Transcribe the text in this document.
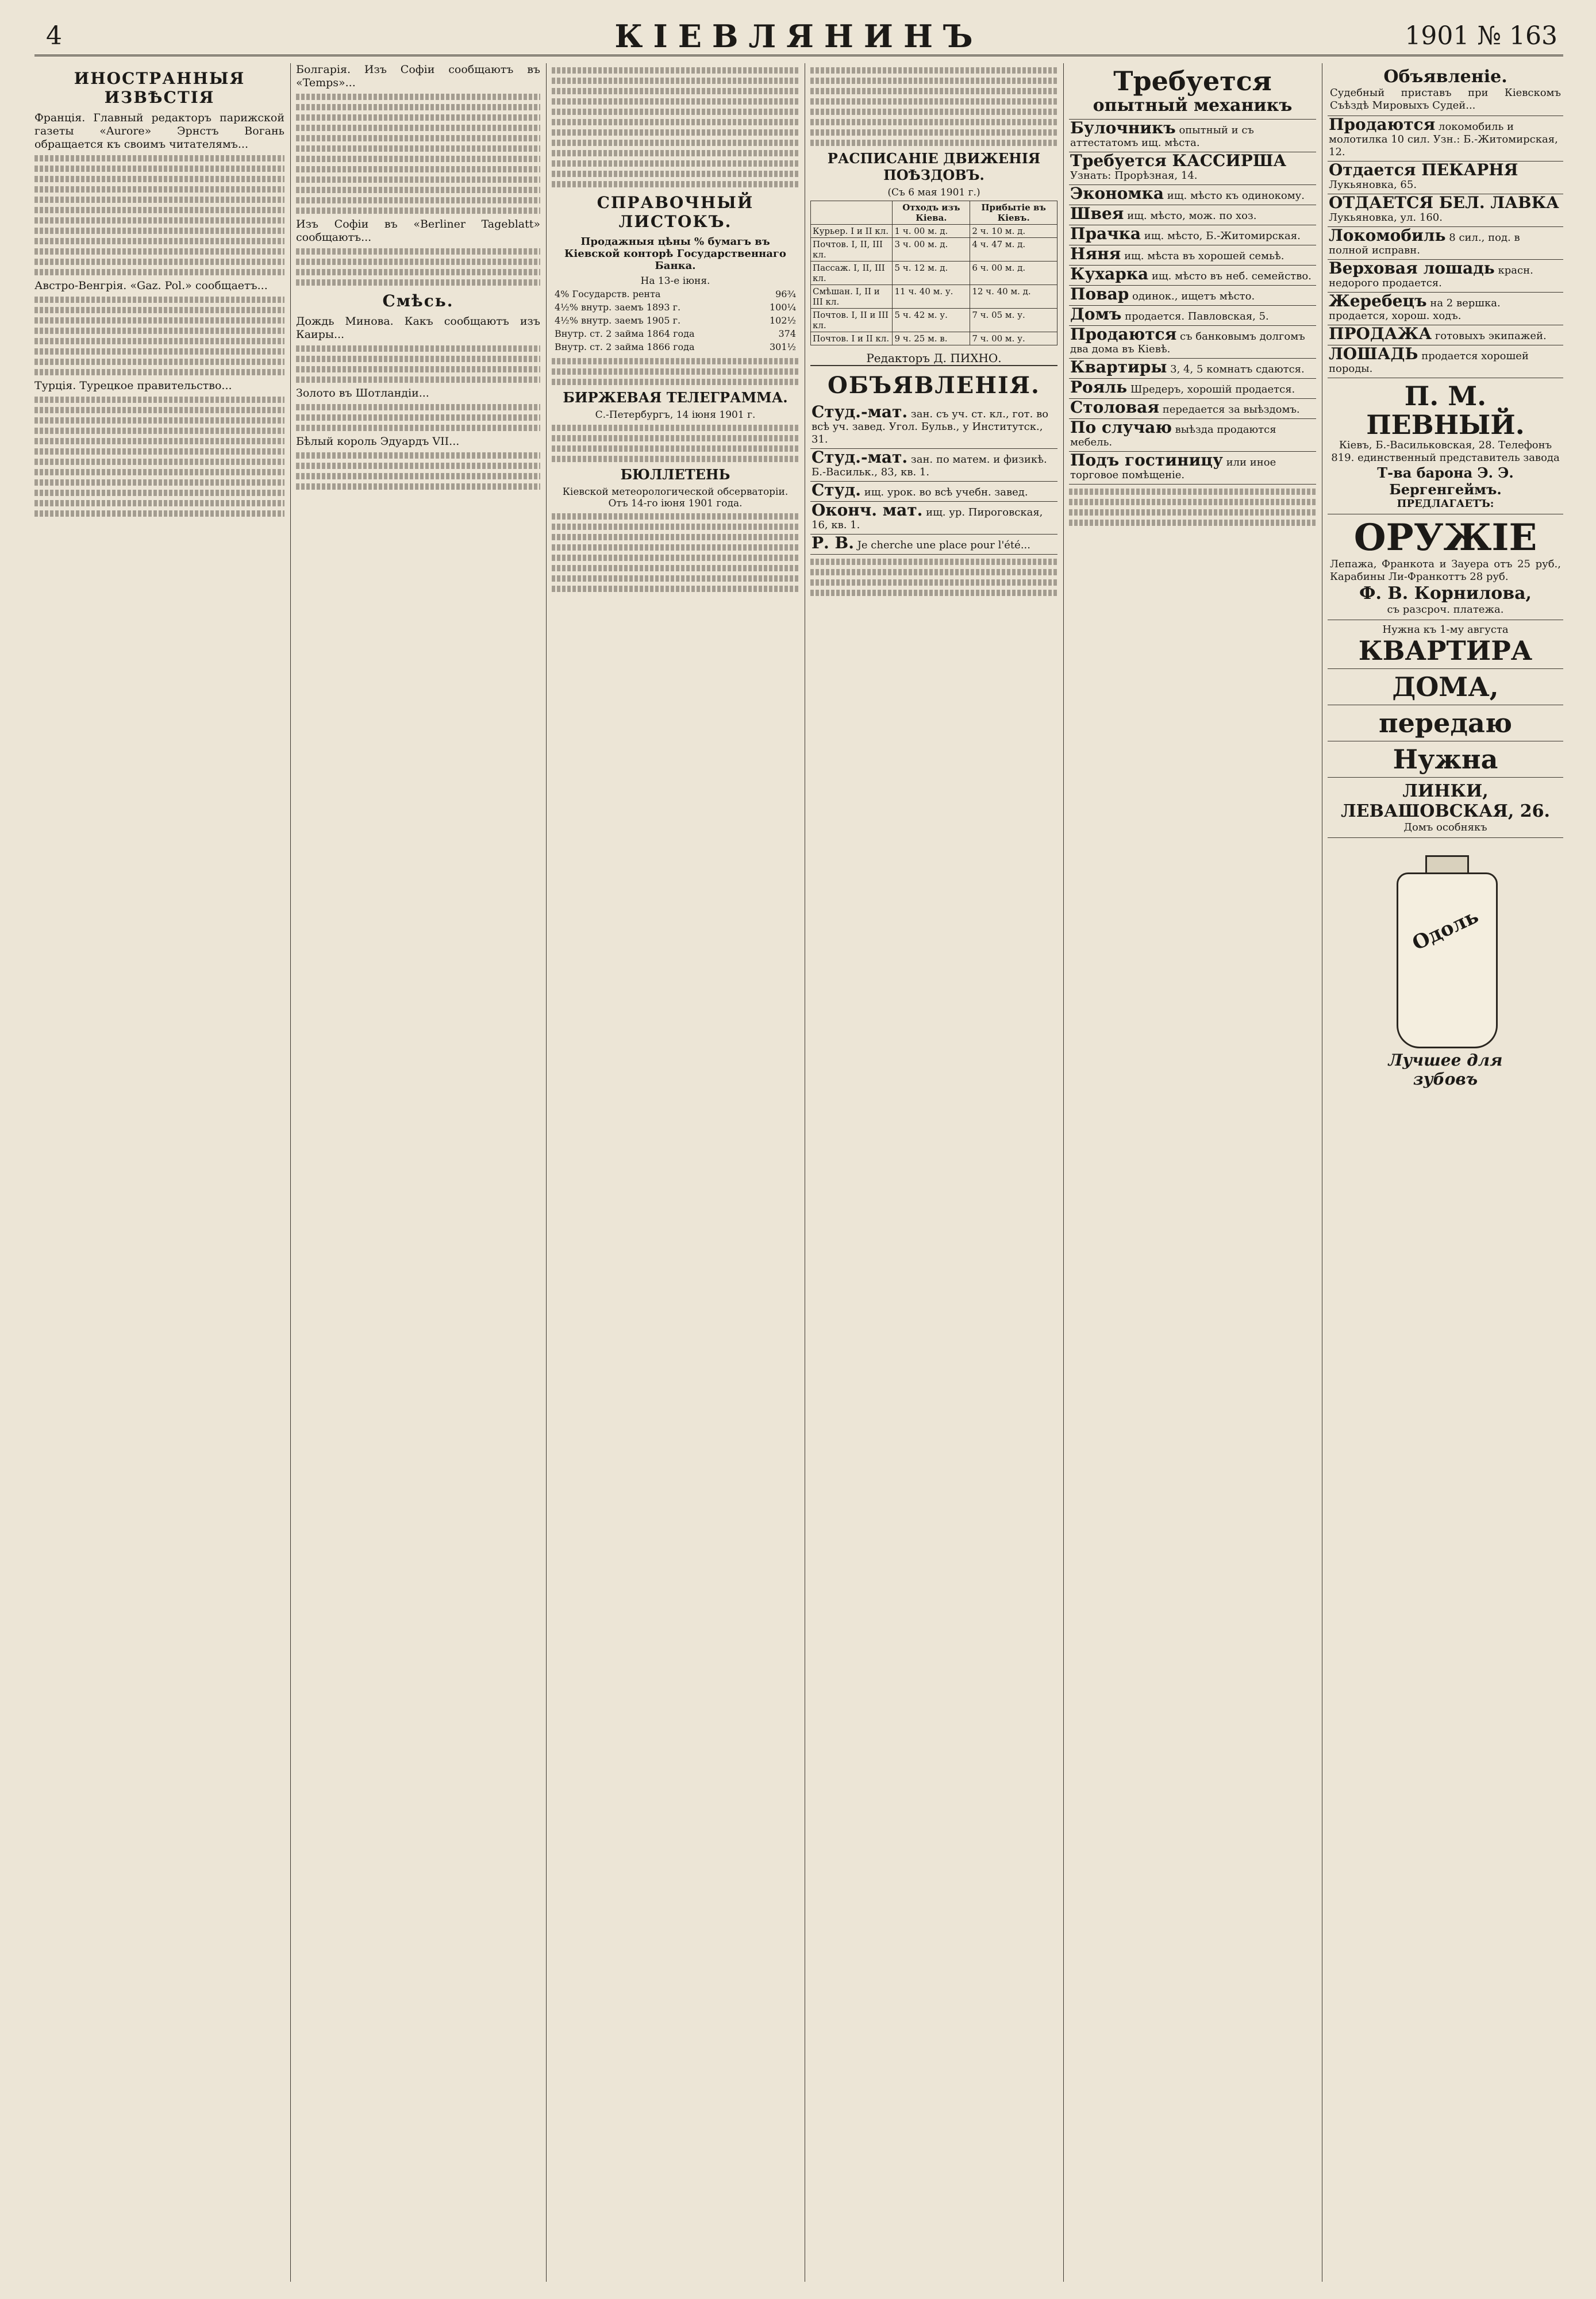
4	КІЕВЛЯНИНЪ	1901 № 163
ИНОСТРАННЫЯ ИЗВѢСТІЯ

Франція. Главный редакторъ парижской газеты «Aurore» Эрнстъ Вогань обращается къ своимъ читателямъ...

Австро-Венгрія. «Gaz. Pol.» сообщаетъ...

Турція. Турецкое правительство...

Болгарія. Изъ Софіи сообщаютъ въ «Temps»...

Изъ Софіи въ «Berliner Tageblatt» сообщаютъ...

Смѣсь.

Дождь Минова. Какъ сообщаютъ изъ Каиры...

Золото въ Шотландіи...

Бѣлый король Эдуардъ VII...

СПРАВОЧНЫЙ ЛИСТОКЪ.
Продажныя цѣны % бумагъ въ Кіевской конторѣ Государственнаго Банка.
На 13-е іюня.
4% Государств. рента	96¾
4½% внутр. заемъ 1893 г.	100¼
4½% внутр. заемъ 1905 г.	102½
Внутр. ст. 2 займа 1864 года	374
Внутр. ст. 2 займа 1866 года	301½
БИРЖЕВАЯ ТЕЛЕГРАММА.
С.-Петербургъ, 14 іюня 1901 г.
БЮЛЛЕТЕНЬ
Кіевской метеорологической обсерваторіи.
Отъ 14-го іюня 1901 года.
РАСПИСАНІЕ ДВИЖЕНІЯ ПОѢЗДОВЪ.
(Съ 6 мая 1901 г.)
	Отходъ изъ Кіева.	Прибытіе въ Кіевъ.
Курьер. I и II кл.	1 ч. 00 м. д.	2 ч. 10 м. д.
Почтов. I, II, III кл.	3 ч. 00 м. д.	4 ч. 47 м. д.
Пассаж. I, II, III кл.	5 ч. 12 м. д.	6 ч. 00 м. д.
Смѣшан. I, II и III кл.	11 ч. 40 м. у.	12 ч. 40 м. д.
Почтов. I, II и III кл.	5 ч. 42 м. у.	7 ч. 05 м. у.
Почтов. I и II кл.	9 ч. 25 м. в.	7 ч. 00 м. у.
Редакторъ Д. ПИХНО.
ОБЪЯВЛЕНІЯ.
Студ.-мат. зан. съ уч. ст. кл., гот. во всѣ уч. завед. Угол. Бульв., у Институтск., 31.
Студ.-мат. зан. по матем. и физикѣ. Б.-Васильк., 83, кв. 1.
Студ. ищ. урок. во всѣ учебн. завед.
Оконч. мат. ищ. ур. Пироговская, 16, кв. 1.
Р. В. Je cherche une place pour l'été...
Требуется
опытный механикъ
Булочникъ опытный и съ аттестатомъ ищ. мѣста.
Требуется КАССИРША Узнать: Прорѣзная, 14.
Экономка ищ. мѣсто къ одинокому.
Швея ищ. мѣсто, мож. по хоз.
Прачка ищ. мѣсто, Б.-Житомирская.
Няня ищ. мѣста въ хорошей семьѣ.
Кухарка ищ. мѣсто въ неб. семейство.
Повар одинок., ищетъ мѣсто.
Домъ продается. Павловская, 5.
Продаются съ банковымъ долгомъ два дома въ Кіевѣ.
Квартиры 3, 4, 5 комнатъ сдаются.
Рояль Шредеръ, хорошій продается.
Столовая передается за выѣздомъ.
По случаю выѣзда продаются мебель.
Подъ гостиницу или иное торговое помѣщеніе.
Объявленіе.
Судебный приставъ при Кіевскомъ Съѣздѣ Мировыхъ Судей...
Продаются локомобиль и молотилка 10 сил. Узн.: Б.-Житомирская, 12.
Отдается ПЕКАРНЯ Лукьяновка, 65.
ОТДАЕТСЯ БЕЛ. ЛАВКА Лукьяновка, ул. 160.
Локомобиль 8 сил., под. в полной исправн.
Верховая лошадь красн. недорого продается.
Жеребецъ на 2 вершка. продается, хорош. ходъ.
ПРОДАЖА готовыхъ экипажей.
ЛОШАДЬ продается хорошей породы.
П. М. ПЕВНЫЙ.
Кіевъ, Б.-Васильковская, 28. Телефонъ 819. единственный представитель завода
Т-ва барона Э. Э. Бергенгеймъ.
ПРЕДЛАГАЕТЪ:
ОРУЖІЕ
Лепажа, Франкота и Зауера отъ 25 руб., Карабины Ли-Франкоттъ 28 руб.
Ф. В. Корнилова,
съ разсроч. платежа.
Нужна къ 1-му августа
КВАРТИРА
ДОМА,
передаю
Нужна
ЛИНКИ, ЛЕВАШОВСКАЯ, 26.
Домъ особнякъ
Одоль
Лучшее для зубовъ
